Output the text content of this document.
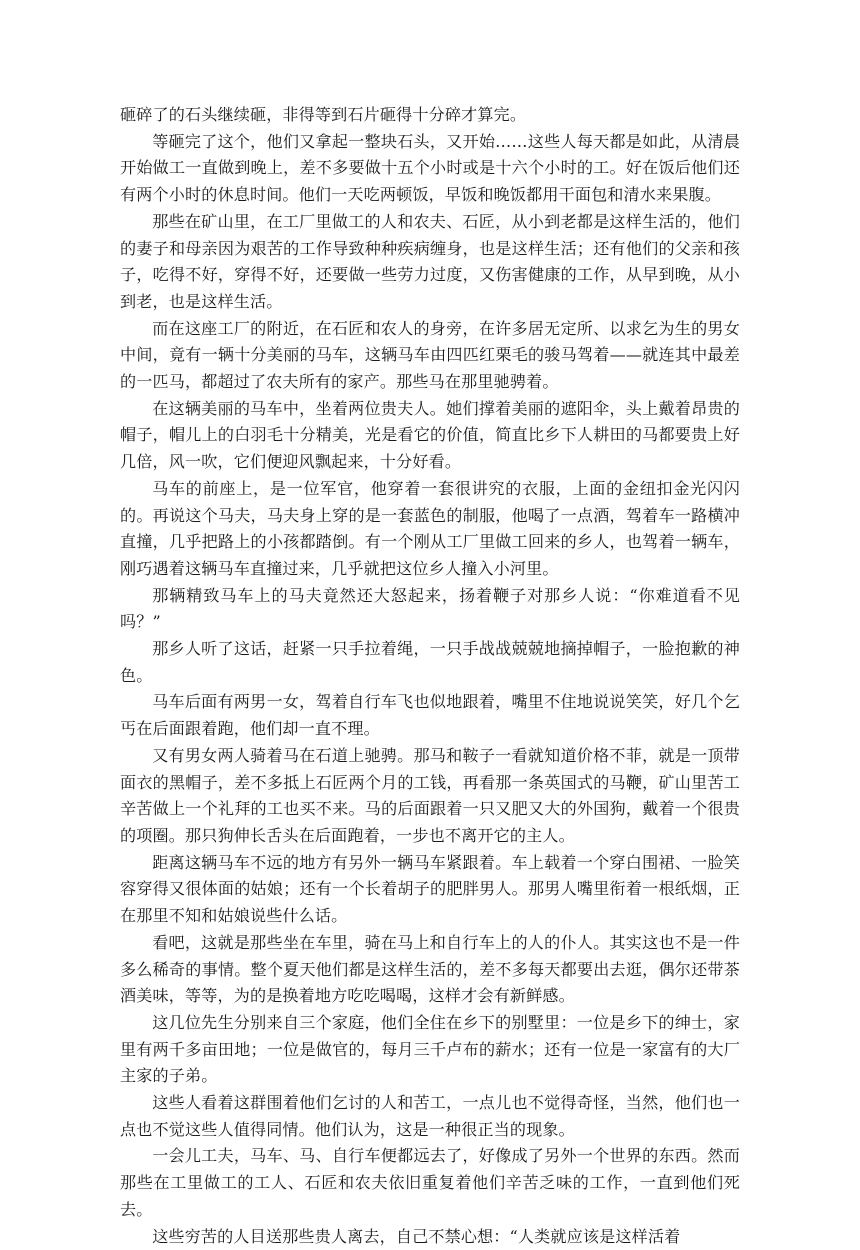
砸碎了的石头继续砸，非得等到石片砸得十分碎才算完。

等砸完了这个，他们又拿起一整块石头，又开始……这些人每天都是如此，从清晨开始做工一直做到晚上，差不多要做十五个小时或是十六个小时的工。好在饭后他们还有两个小时的休息时间。他们一天吃两顿饭，早饭和晚饭都用干面包和清水来果腹。

那些在矿山里，在工厂里做工的人和农夫、石匠，从小到老都是这样生活的，他们的妻子和母亲因为艰苦的工作导致种种疾病缠身，也是这样生活；还有他们的父亲和孩子，吃得不好，穿得不好，还要做一些劳力过度，又伤害健康的工作，从早到晚，从小到老，也是这样生活。

而在这座工厂的附近，在石匠和农人的身旁，在许多居无定所、以求乞为生的男女中间，竟有一辆十分美丽的马车，这辆马车由四匹红栗毛的骏马驾着——就连其中最差的一匹马，都超过了农夫所有的家产。那些马在那里驰骋着。

在这辆美丽的马车中，坐着两位贵夫人。她们撑着美丽的遮阳伞，头上戴着昂贵的帽子，帽儿上的白羽毛十分精美，光是看它的价值，简直比乡下人耕田的马都要贵上好几倍，风一吹，它们便迎风飘起来，十分好看。

马车的前座上，是一位军官，他穿着一套很讲究的衣服，上面的金纽扣金光闪闪的。再说这个马夫，马夫身上穿的是一套蓝色的制服，他喝了一点酒，驾着车一路横冲直撞，几乎把路上的小孩都踏倒。有一个刚从工厂里做工回来的乡人，也驾着一辆车，刚巧遇着这辆马车直撞过来，几乎就把这位乡人撞入小河里。

那辆精致马车上的马夫竟然还大怒起来，扬着鞭子对那乡人说：“你难道看不见吗？”

那乡人听了这话，赶紧一只手拉着绳，一只手战战兢兢地摘掉帽子，一脸抱歉的神色。

马车后面有两男一女，驾着自行车飞也似地跟着，嘴里不住地说说笑笑，好几个乞丐在后面跟着跑，他们却一直不理。

又有男女两人骑着马在石道上驰骋。那马和鞍子一看就知道价格不菲，就是一顶带面衣的黑帽子，差不多抵上石匠两个月的工钱，再看那一条英国式的马鞭，矿山里苦工辛苦做上一个礼拜的工也买不来。马的后面跟着一只又肥又大的外国狗，戴着一个很贵的项圈。那只狗伸长舌头在后面跑着，一步也不离开它的主人。

距离这辆马车不远的地方有另外一辆马车紧跟着。车上载着一个穿白围裙、一脸笑容穿得又很体面的姑娘；还有一个长着胡子的肥胖男人。那男人嘴里衔着一根纸烟，正在那里不知和姑娘说些什么话。

看吧，这就是那些坐在车里，骑在马上和自行车上的人的仆人。其实这也不是一件多么稀奇的事情。整个夏天他们都是这样生活的，差不多每天都要出去逛，偶尔还带茶酒美味，等等，为的是换着地方吃吃喝喝，这样才会有新鲜感。

这几位先生分别来自三个家庭，他们全住在乡下的别墅里：一位是乡下的绅士，家里有两千多亩田地；一位是做官的，每月三千卢布的薪水；还有一位是一家富有的大厂主家的子弟。

这些人看着这群围着他们乞讨的人和苦工，一点儿也不觉得奇怪，当然，他们也一点也不觉这些人值得同情。他们认为，这是一种很正当的现象。

一会儿工夫，马车、马、自行车便都远去了，好像成了另外一个世界的东西。然而那些在工里做工的工人、石匠和农夫依旧重复着他们辛苦乏味的工作，一直到他们死去。

这些穷苦的人目送那些贵人离去，自己不禁心想：“人类就应该是这样活着
